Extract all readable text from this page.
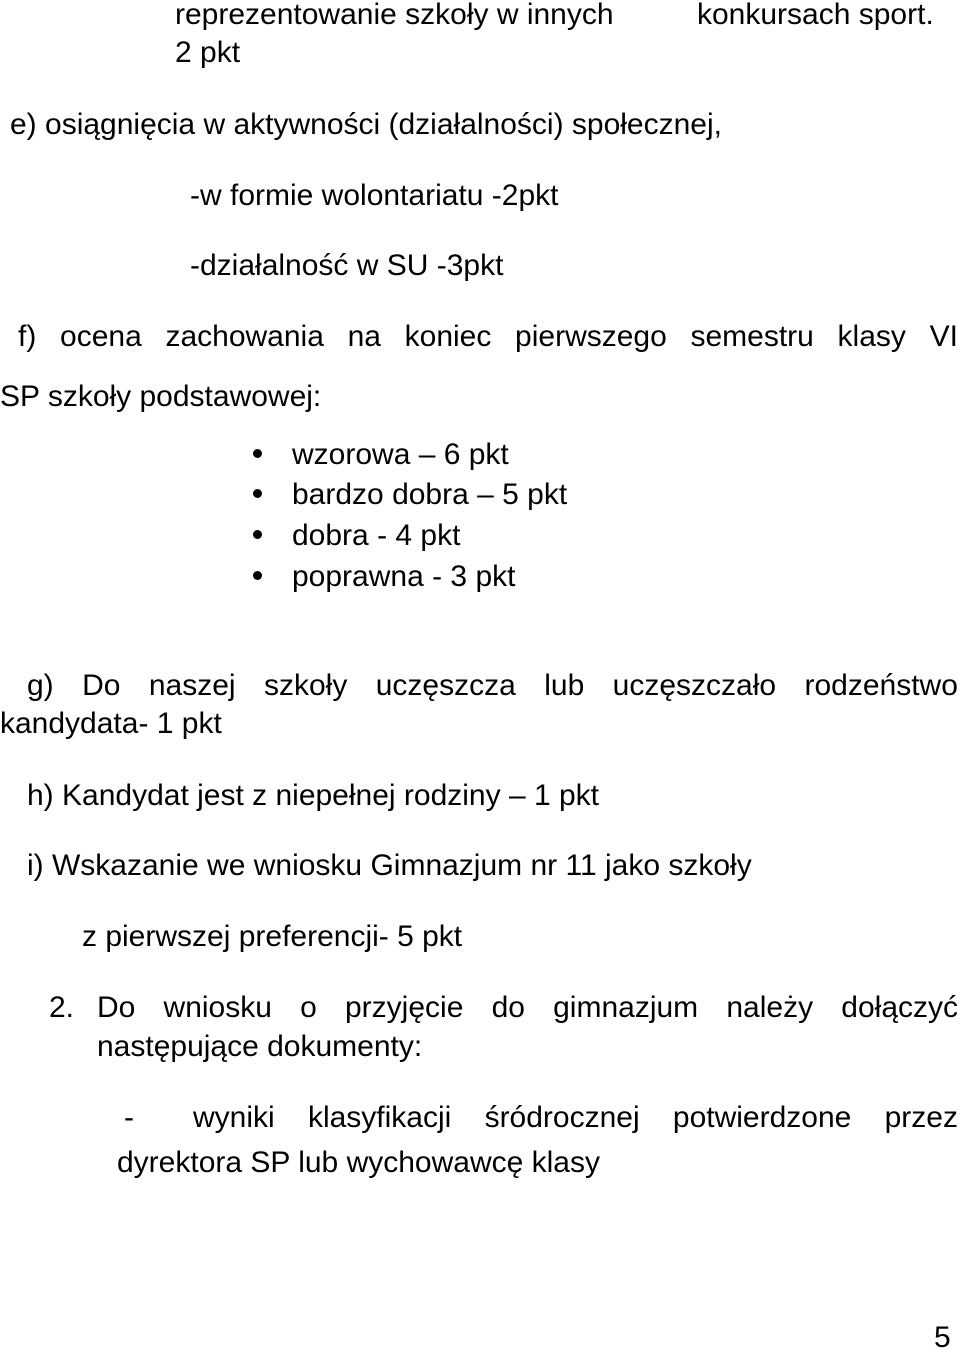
reprezentowanie szkoły w innych	konkursach sport.
2 pkt
e) osiągnięcia w aktywności (działalności) społecznej,
-w formie wolontariatu -2pkt
-działalność w SU -3pkt
f) ocena zachowania na koniec pierwszego semestru klasy VI
SP szkoły podstawowej:
wzorowa – 6 pkt
bardzo dobra – 5 pkt
dobra - 4 pkt
poprawna - 3 pkt
g) Do naszej szkoły uczęszcza lub uczęszczało rodzeństwo
kandydata- 1 pkt
h) Kandydat jest z niepełnej rodziny – 1 pkt
i) Wskazanie we wniosku Gimnazjum nr 11 jako szkoły
z pierwszej preferencji- 5 pkt
2. Do wniosku o przyjęcie do gimnazjum należy dołączyć
następujące dokumenty:
- wyniki klasyfikacji śródrocznej potwierdzone przez
dyrektora SP lub wychowawcę klasy
5
